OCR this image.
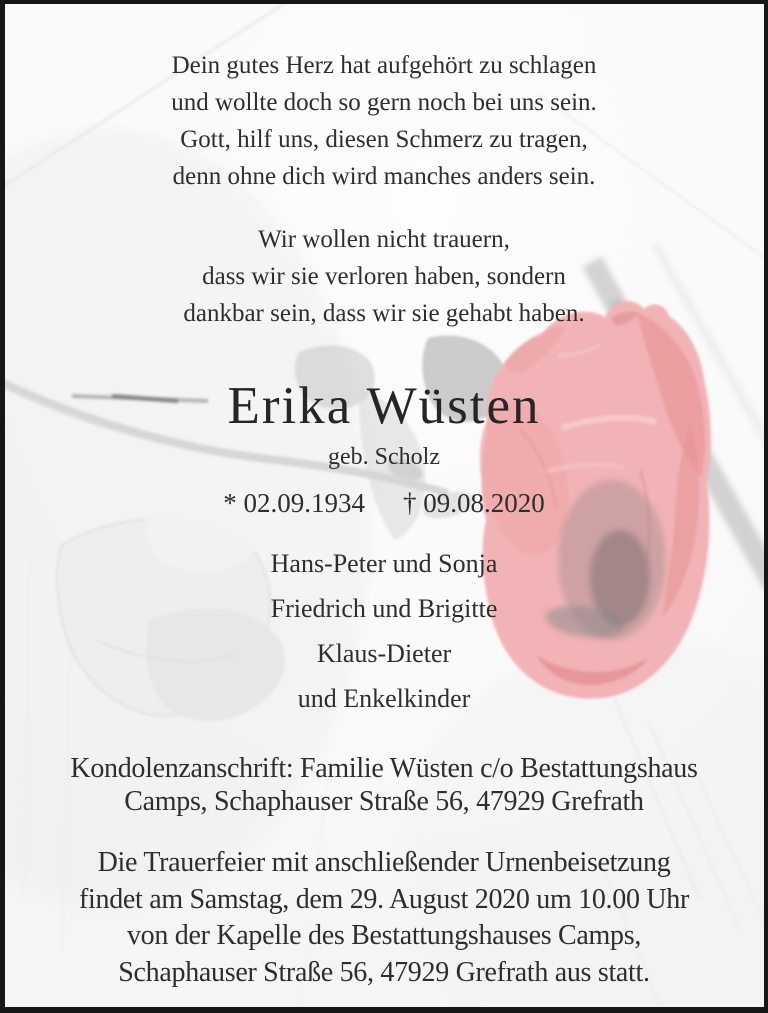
Dein gutes Herz hat aufgehört zu schlagen
und wollte doch so gern noch bei uns sein.
Gott, hilf uns, diesen Schmerz zu tragen,
denn ohne dich wird manches anders sein.
Wir wollen nicht trauern,
dass wir sie verloren haben, sondern
dankbar sein, dass wir sie gehabt haben.
Erika Wüsten
geb. Scholz
* 02.09.1934 † 09.08.2020
Hans-Peter und Sonja
Friedrich und Brigitte
Klaus-Dieter
und Enkelkinder
Kondolenzanschrift: Familie Wüsten c/o Bestattungshaus
Camps, Schaphauser Straße 56, 47929 Grefrath
Die Trauerfeier mit anschließender Urnenbeisetzung
findet am Samstag, dem 29. August 2020 um 10.00 Uhr
von der Kapelle des Bestattungshauses Camps,
Schaphauser Straße 56, 47929 Grefrath aus statt.
